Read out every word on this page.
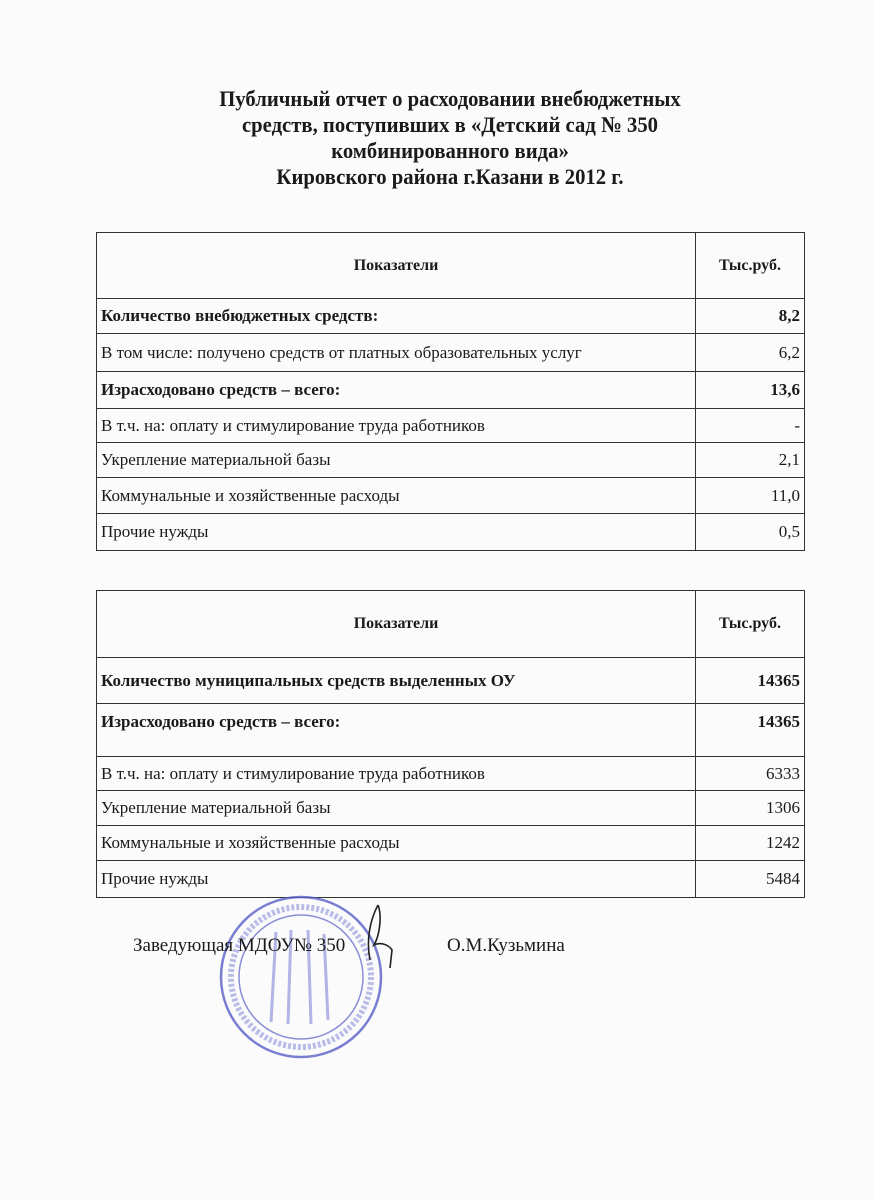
Публичный отчет о расходовании внебюджетных
средств, поступивших в «Детский сад № 350
комбинированного вида»
Кировского района г.Казани в 2012 г.
Показатели	Тыс.руб.
Количество внебюджетных средств:	8,2
В том числе: получено средств от платных образовательных услуг	6,2
Израсходовано средств – всего:	13,6
В т.ч. на: оплату и стимулирование труда работников	-
Укрепление материальной базы	2,1
Коммунальные и хозяйственные расходы	11,0
Прочие нужды	0,5
Показатели	Тыс.руб.
Количество муниципальных средств выделенных ОУ	14365
Израсходовано средств – всего:	14365
В т.ч. на: оплату и стимулирование труда работников	6333
Укрепление материальной базы	1306
Коммунальные и хозяйственные расходы	1242
Прочие нужды	5484
Заведующая МДОУ№ 350	О.М.Кузьмина
